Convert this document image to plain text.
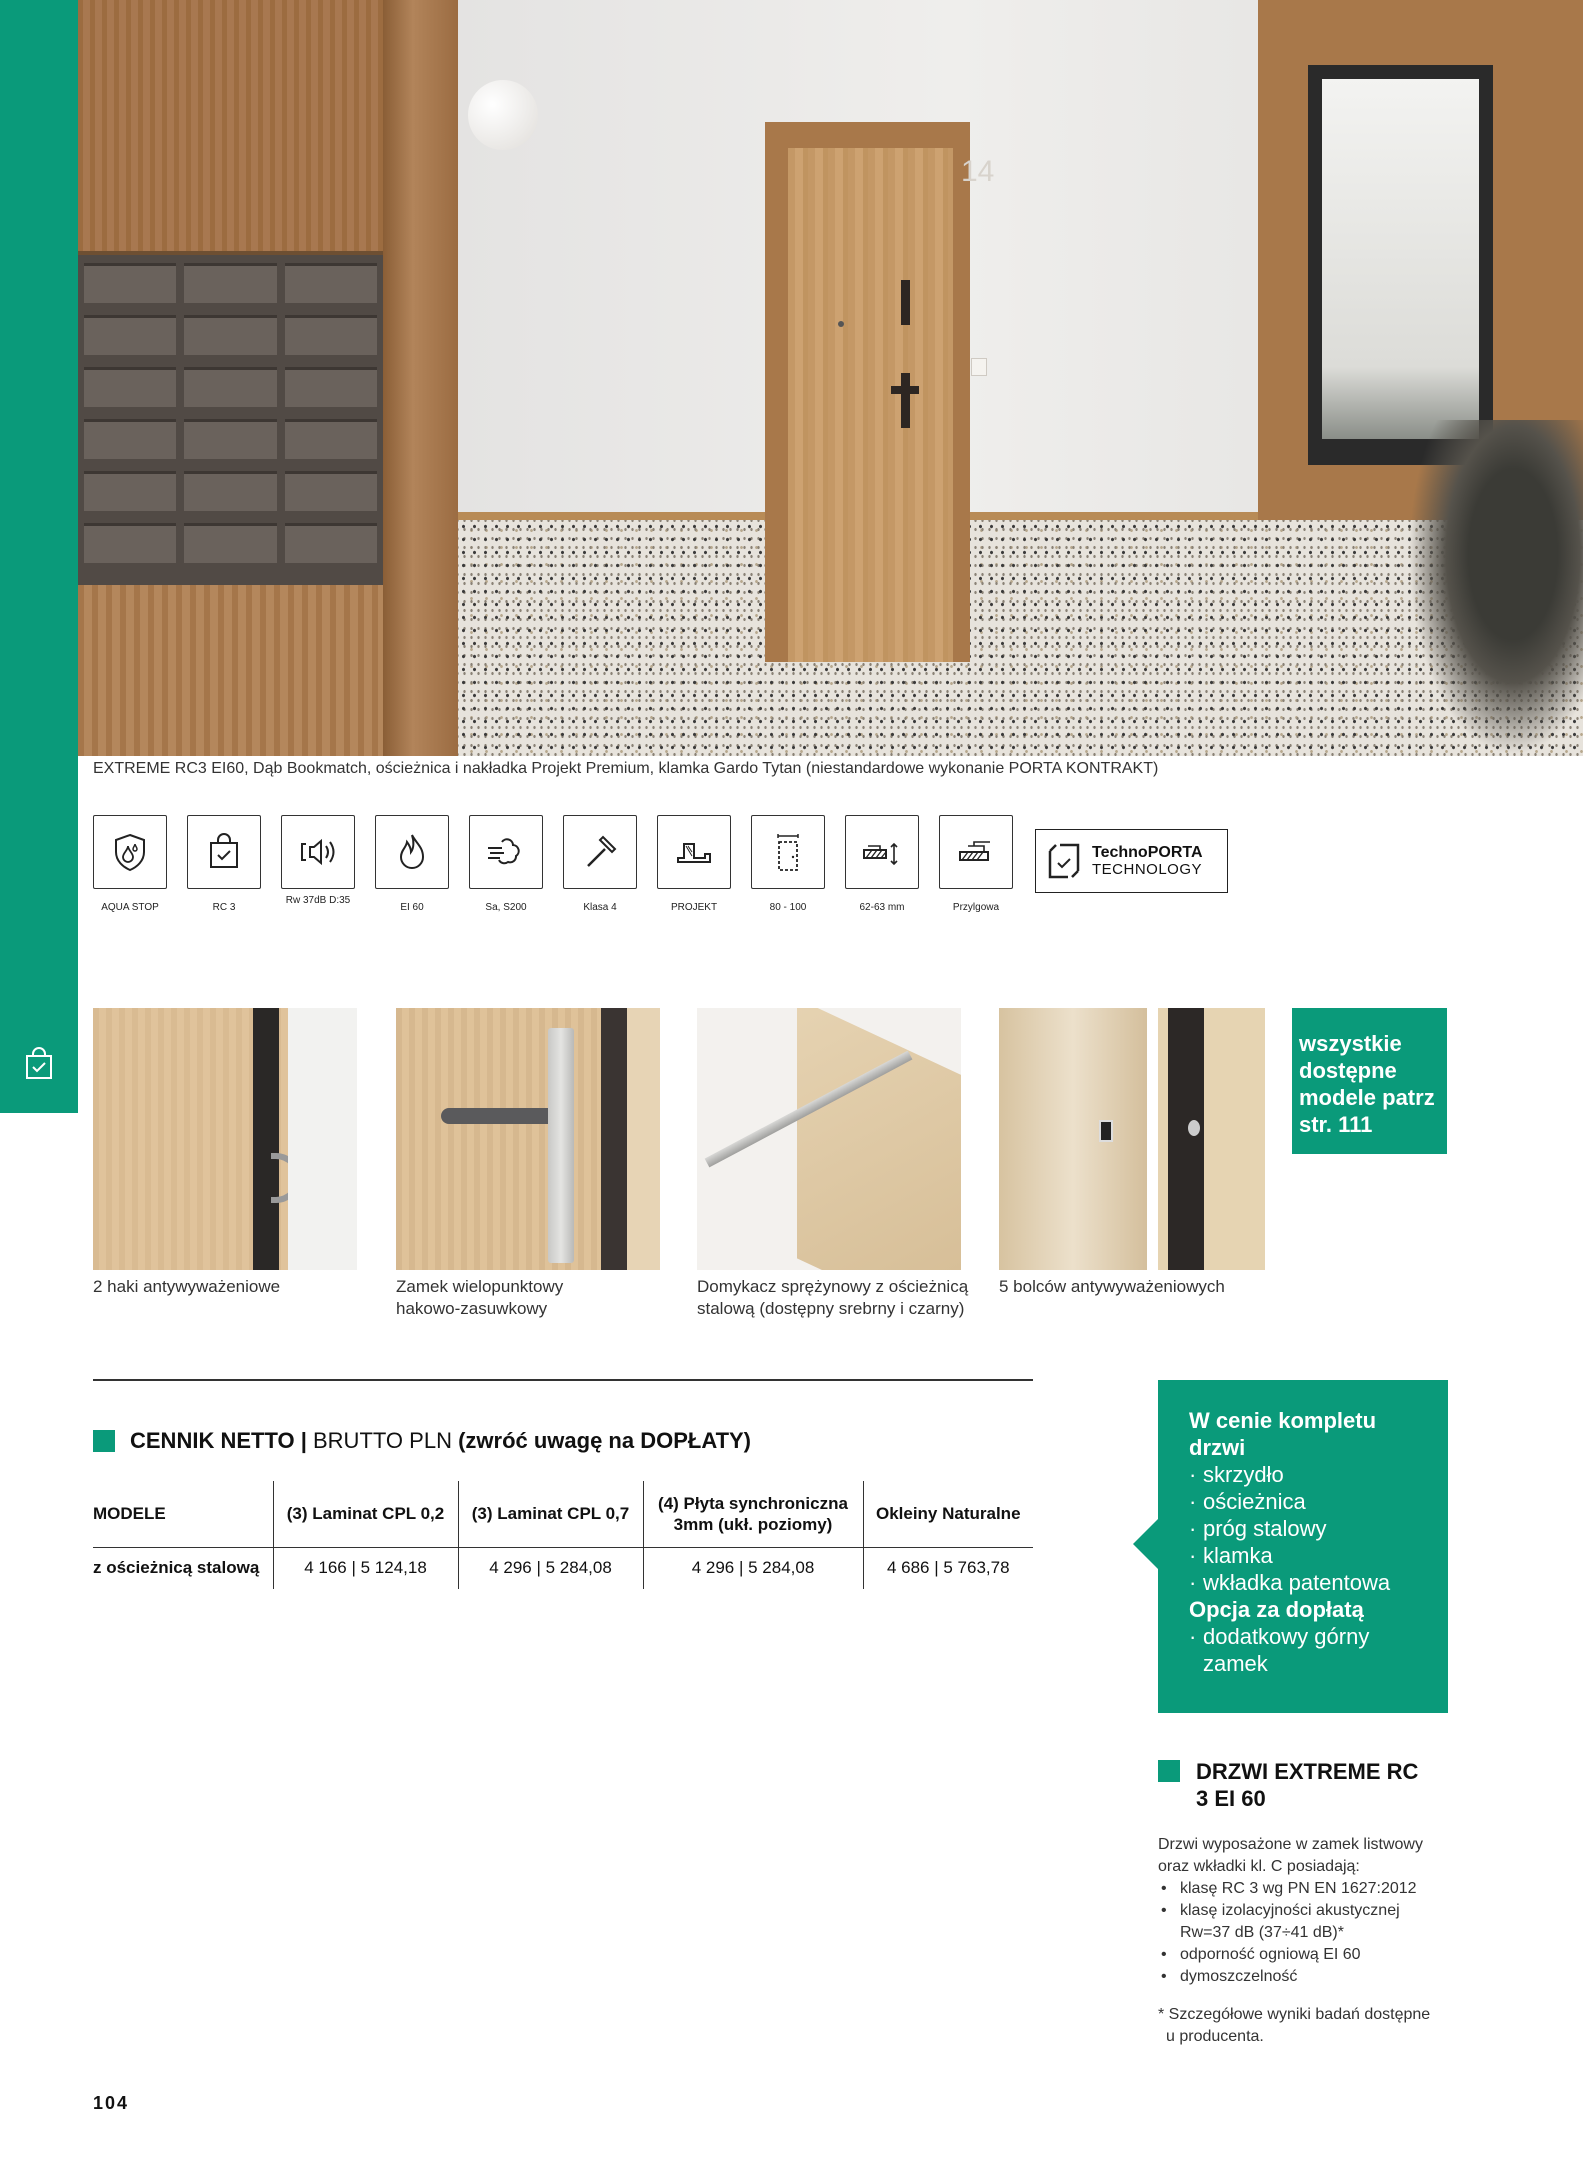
14
EXTREME RC3 EI60, Dąb Bookmatch, ościeżnica i nakładka Projekt Premium, klamka Gardo Tytan (niestandardowe wykonanie PORTA KONTRAKT)
AQUA STOP	RC 3
Rw 37dB D:35
EI 60	Sa, S200	Klasa 4	PROJEKT	80 - 100	62-63 mm	Przylgowa
TechnoPORTA
TECHNOLOGY
2 haki antywyważeniowe	Zamek wielopunktowy
hakowo-zasuwkowy
Domykacz sprężynowy z ościeżnicą
stalową (dostępny srebrny i czarny)
5 bolców antywyważeniowych
wszystkie
dostępne
modele patrz
str. 111
CENNIK NETTO | BRUTTO PLN (zwróć uwagę na DOPŁATY)
MODELE	(3) Laminat CPL 0,2	(3) Laminat CPL 0,7	(4) Płyta synchroniczna 3mm (ukł. poziomy)	Okleiny Naturalne
z ościeżnicą stalową	4 166 | 5 124,18	4 296 | 5 284,08	4 296 | 5 284,08	4 686 | 5 763,78
W cenie kompletu drzwi
· skrzydło
· ościeżnica
· próg stalowy
· klamka
· wkładka patentowa
Opcja za dopłatą
· dodatkowy górny
zamek
DRZWI EXTREME RC 3 EI 60
Drzwi wyposażone w zamek listwowy
oraz wkładki kl. C posiadają:
• klasę RC 3 wg PN EN 1627:2012
• klasę izolacyjności akustycznej
Rw=37 dB (37÷41 dB)*
• odporność ogniową EI 60
• dymoszczelność
* Szczegółowe wyniki badań dostępne
u producenta.
104
